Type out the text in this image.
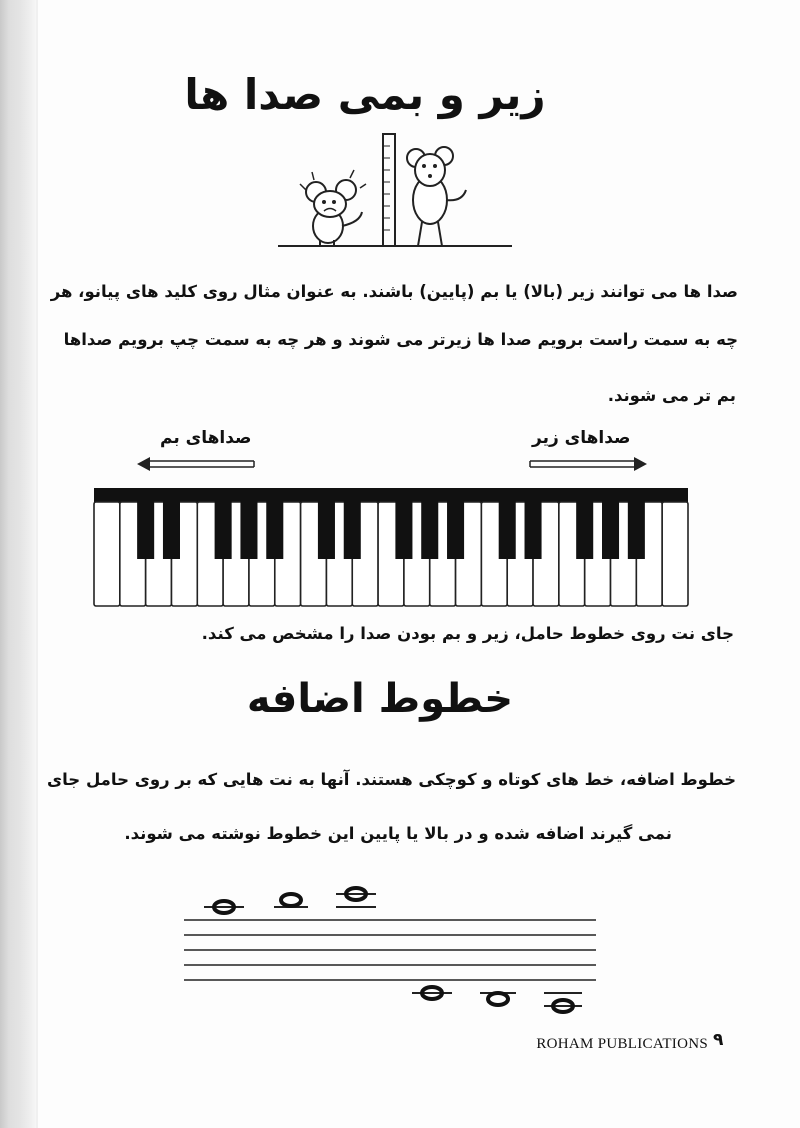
زیر و بمی صدا ها
صدا ها می توانند زیر (بالا) یا بم (پایین) باشند. به عنوان مثال روی کلید های پیانو، هر
چه به سمت راست برویم صدا ها زیرتر می شوند و هر چه به سمت چپ برویم صداها
بم تر می شوند.
صداهای بم	صداهای زیر
جای نت روی خطوط حامل، زیر و بم بودن صدا را مشخص می کند.
خطوط اضافه
خطوط اضافه، خط های کوتاه و کوچکی هستند. آنها به نت هایی که بر روی حامل جای
نمی گیرند اضافه شده و در بالا یا پایین این خطوط نوشته می شوند.
ROHAM PUBLICATIONS ۹
